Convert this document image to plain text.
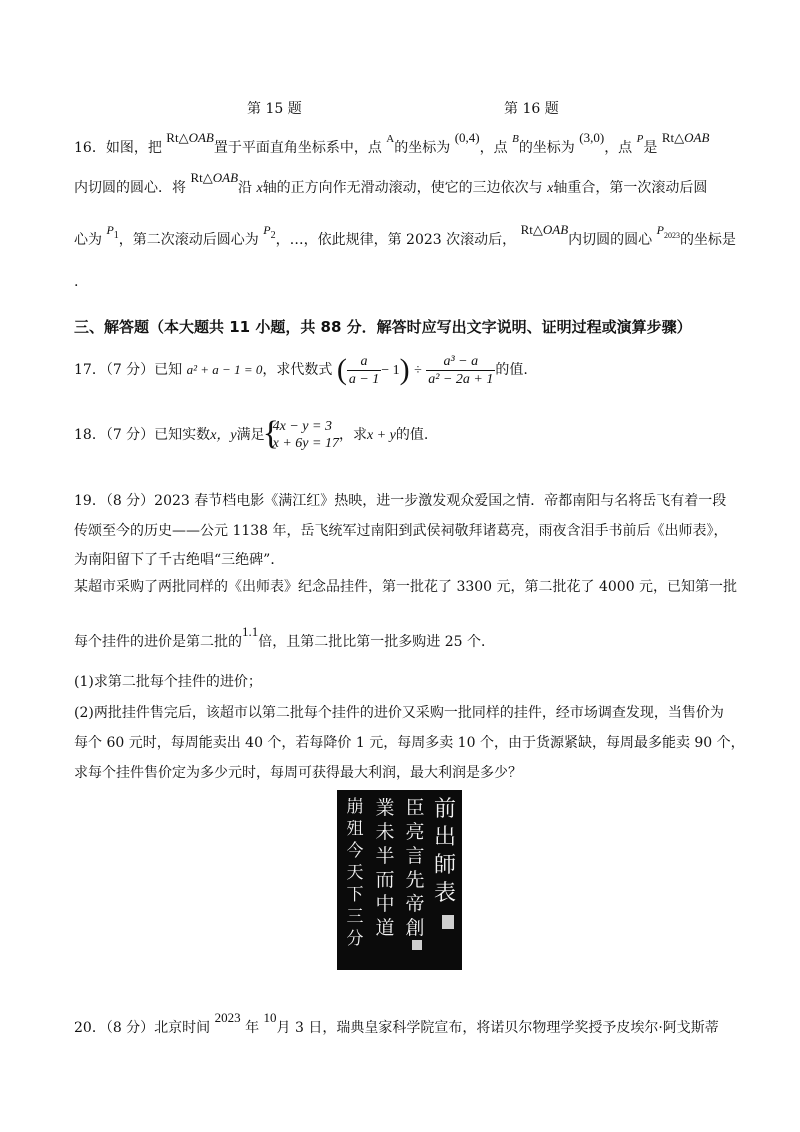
第 15 题	第 16 题
16．如图，把 Rt△OAB置于平面直角坐标系中，点 $^A$的坐标为 (0,4)，点 $^B$的坐标为 (3,0)，点 $^P$是 Rt△OAB
内切圆的圆心．将 Rt△OAB沿 x轴的正方向作无滑动滚动，使它的三边依次与 x轴重合，第一次滚动后圆
心为 $P_1$，第二次滚动后圆心为 $P_2$，…，依此规律，第 2023 次滚动后， Rt△OAB内切圆的圆心 $P_{2023}$的坐标是
.
三、解答题（本大题共 11 小题，共 88 分．解答时应写出文字说明、证明过程或演算步骤）
17．（7 分）已知 a² + a − 1 = 0，求代数式 ( $\frac{a}{a - 1} - 1) \div \frac{\text{a³ − a}}{\text{a² − 2a + 1}}$ 的值.
18．（7 分）已知实数x，y满足
{
4x − y = 3
x + 6y = 17
，求x + y的值.
19．（8 分）2023 春节档电影《满江红》热映，进一步激发观众爱国之情．帝都南阳与名将岳飞有着一段
传颂至今的历史——公元 1138 年，岳飞统军过南阳到武侯祠敬拜诸葛亮，雨夜含泪手书前后《出师表》，
为南阳留下了千古绝唱“三绝碑”．
某超市采购了两批同样的《出师表》纪念品挂件，第一批花了 3300 元，第二批花了 4000 元，已知第一批
每个挂件的进价是第二批的1.1倍，且第二批比第一批多购进 25 个．
(1)求第二批每个挂件的进价；
(2)两批挂件售完后，该超市以第二批每个挂件的进价又采购一批同样的挂件，经市场调查发现，当售价为
每个 60 元时，每周能卖出 40 个，若每降价 1 元，每周多卖 10 个，由于货源紧缺，每周最多能卖 90 个，
求每个挂件售价定为多少元时，每周可获得最大利润，最大利润是多少？
前出師表
臣亮言先帝創
業未半而中道
崩殂今天下三分
20．（8 分）北京时间 2023 年 10月 3 日，瑞典皇家科学院宣布，将诺贝尔物理学奖授予皮埃尔·阿戈斯蒂
